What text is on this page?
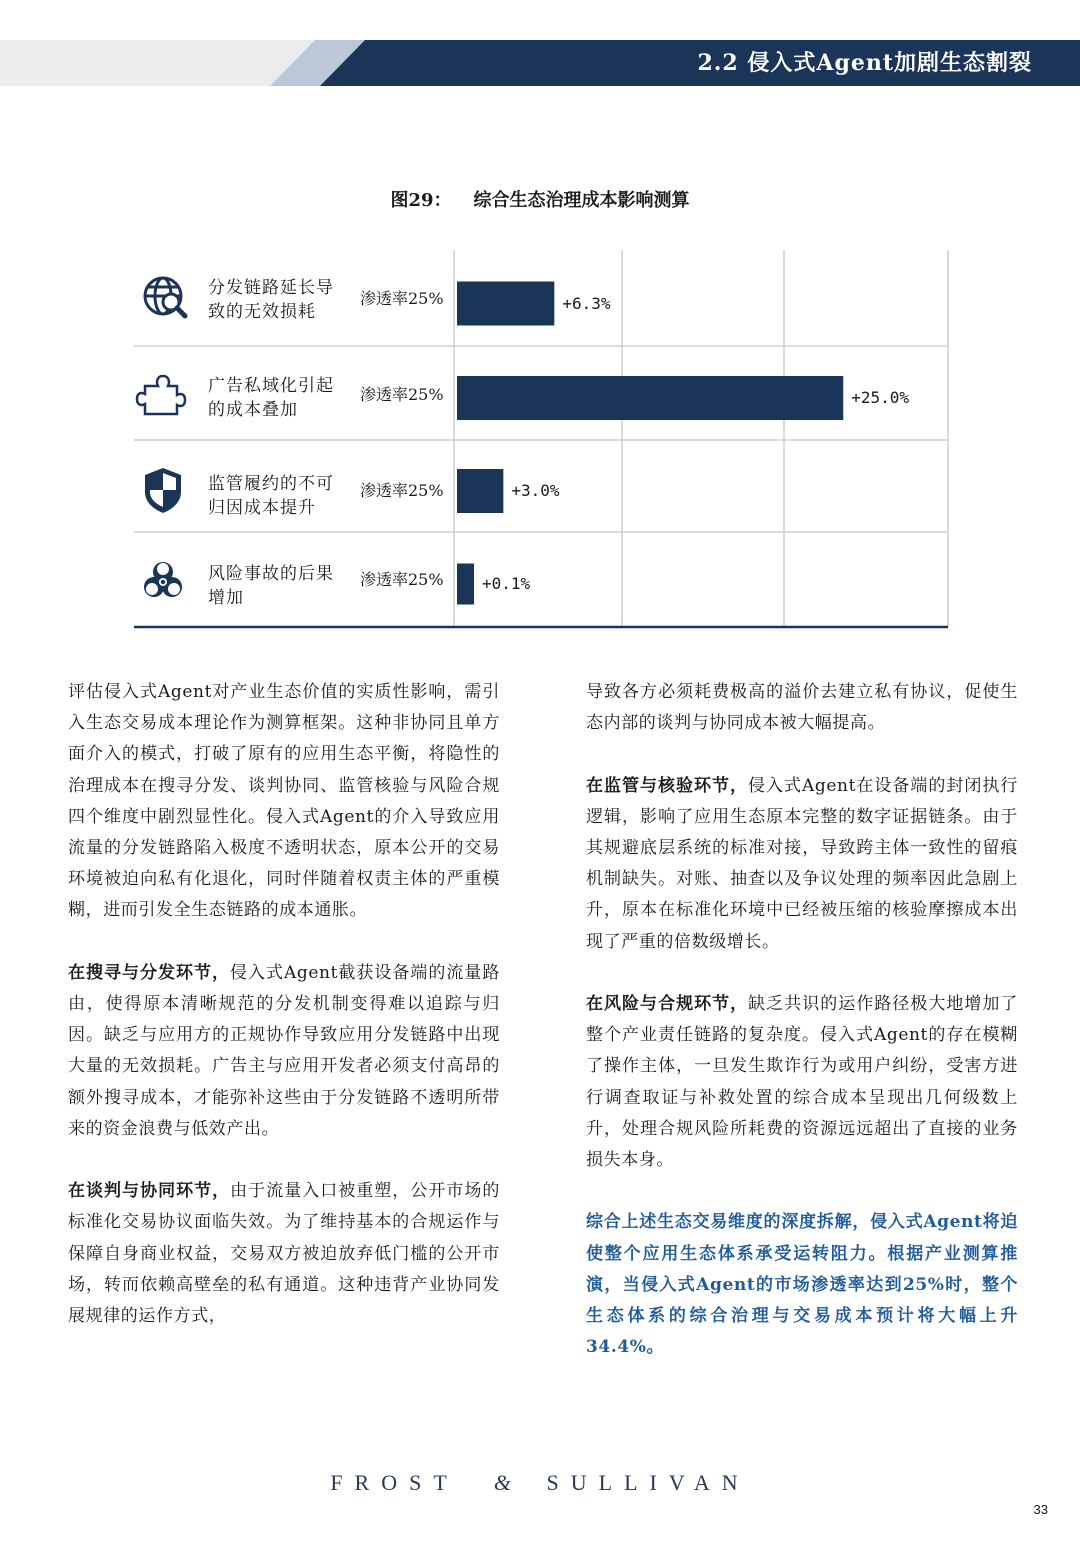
2.2 侵入式Agent加剧生态割裂
图29： 综合生态治理成本影响测算
分发链路延长导
致的无效损耗
广告私域化引起
的成本叠加
监管履约的不可
归因成本提升
风险事故的后果
增加
渗透率25%
渗透率25%
渗透率25%
渗透率25%
+6.3%
+25.0%
+3.0%
+0.1%

评估侵入式Agent对产业生态价值的实质性影响，需引入生态交易成本理论作为测算框架。这种非协同且单方面介入的模式，打破了原有的应用生态平衡，将隐性的治理成本在搜寻分发、谈判协同、监管核验与风险合规四个维度中剧烈显性化。侵入式Agent的介入导致应用流量的分发链路陷入极度不透明状态，原本公开的交易环境被迫向私有化退化，同时伴随着权责主体的严重模糊，进而引发全生态链路的成本通胀。

在搜寻与分发环节，侵入式Agent截获设备端的流量路由，使得原本清晰规范的分发机制变得难以追踪与归因。缺乏与应用方的正规协作导致应用分发链路中出现大量的无效损耗。广告主与应用开发者必须支付高昂的额外搜寻成本，才能弥补这些由于分发链路不透明所带来的资金浪费与低效产出。

在谈判与协同环节，由于流量入口被重塑，公开市场的标准化交易协议面临失效。为了维持基本的合规运作与保障自身商业权益，交易双方被迫放弃低门槛的公开市场，转而依赖高壁垒的私有通道。这种违背产业协同发展规律的运作方式，

导致各方必须耗费极高的溢价去建立私有协议，促使生态内部的谈判与协同成本被大幅提高。

在监管与核验环节，侵入式Agent在设备端的封闭执行逻辑，影响了应用生态原本完整的数字证据链条。由于其规避底层系统的标准对接，导致跨主体一致性的留痕机制缺失。对账、抽查以及争议处理的频率因此急剧上升，原本在标准化环境中已经被压缩的核验摩擦成本出现了严重的倍数级增长。

在风险与合规环节，缺乏共识的运作路径极大地增加了整个产业责任链路的复杂度。侵入式Agent的存在模糊了操作主体，一旦发生欺诈行为或用户纠纷，受害方进行调查取证与补救处置的综合成本呈现出几何级数上升，处理合规风险所耗费的资源远远超出了直接的业务损失本身。

综合上述生态交易维度的深度拆解，侵入式Agent将迫使整个应用生态体系承受运转阻力。根据产业测算推演，当侵入式Agent的市场渗透率达到25%时，整个生态体系的综合治理与交易成本预计将大幅上升34.4%。

FROST & SULLIVAN
33
